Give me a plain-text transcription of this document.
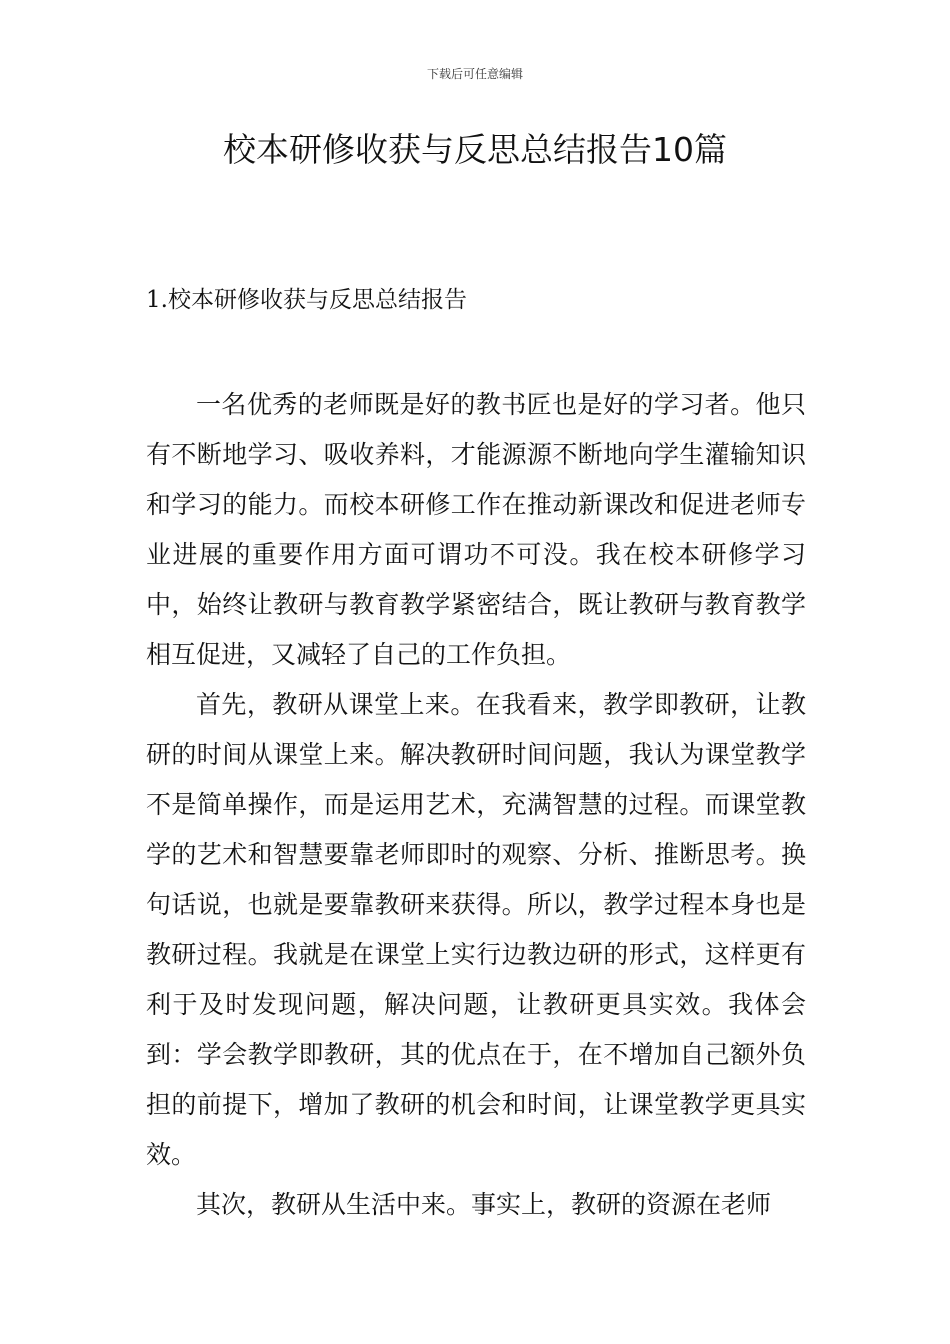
下载后可任意编辑
校本研修收获与反思总结报告10篇
1.校本研修收获与反思总结报告

一名优秀的老师既是好的教书匠也是好的学习者。他只有不断地学习、吸收养料，才能源源不断地向学生灌输知识和学习的能力。而校本研修工作在推动新课改和促进老师专业进展的重要作用方面可谓功不可没。我在校本研修学习中，始终让教研与教育教学紧密结合，既让教研与教育教学相互促进，又减轻了自己的工作负担。

首先，教研从课堂上来。在我看来，教学即教研，让教研的时间从课堂上来。解决教研时间问题，我认为课堂教学不是简单操作，而是运用艺术，充满智慧的过程。而课堂教学的艺术和智慧要靠老师即时的观察、分析、推断思考。换句话说，也就是要靠教研来获得。所以，教学过程本身也是教研过程。我就是在课堂上实行边教边研的形式，这样更有利于及时发现问题，解决问题，让教研更具实效。我体会到：学会教学即教研，其的优点在于，在不增加自己额外负担的前提下，增加了教研的机会和时间，让课堂教学更具实效。

其次，教研从生活中来。事实上，教研的资源在老师
